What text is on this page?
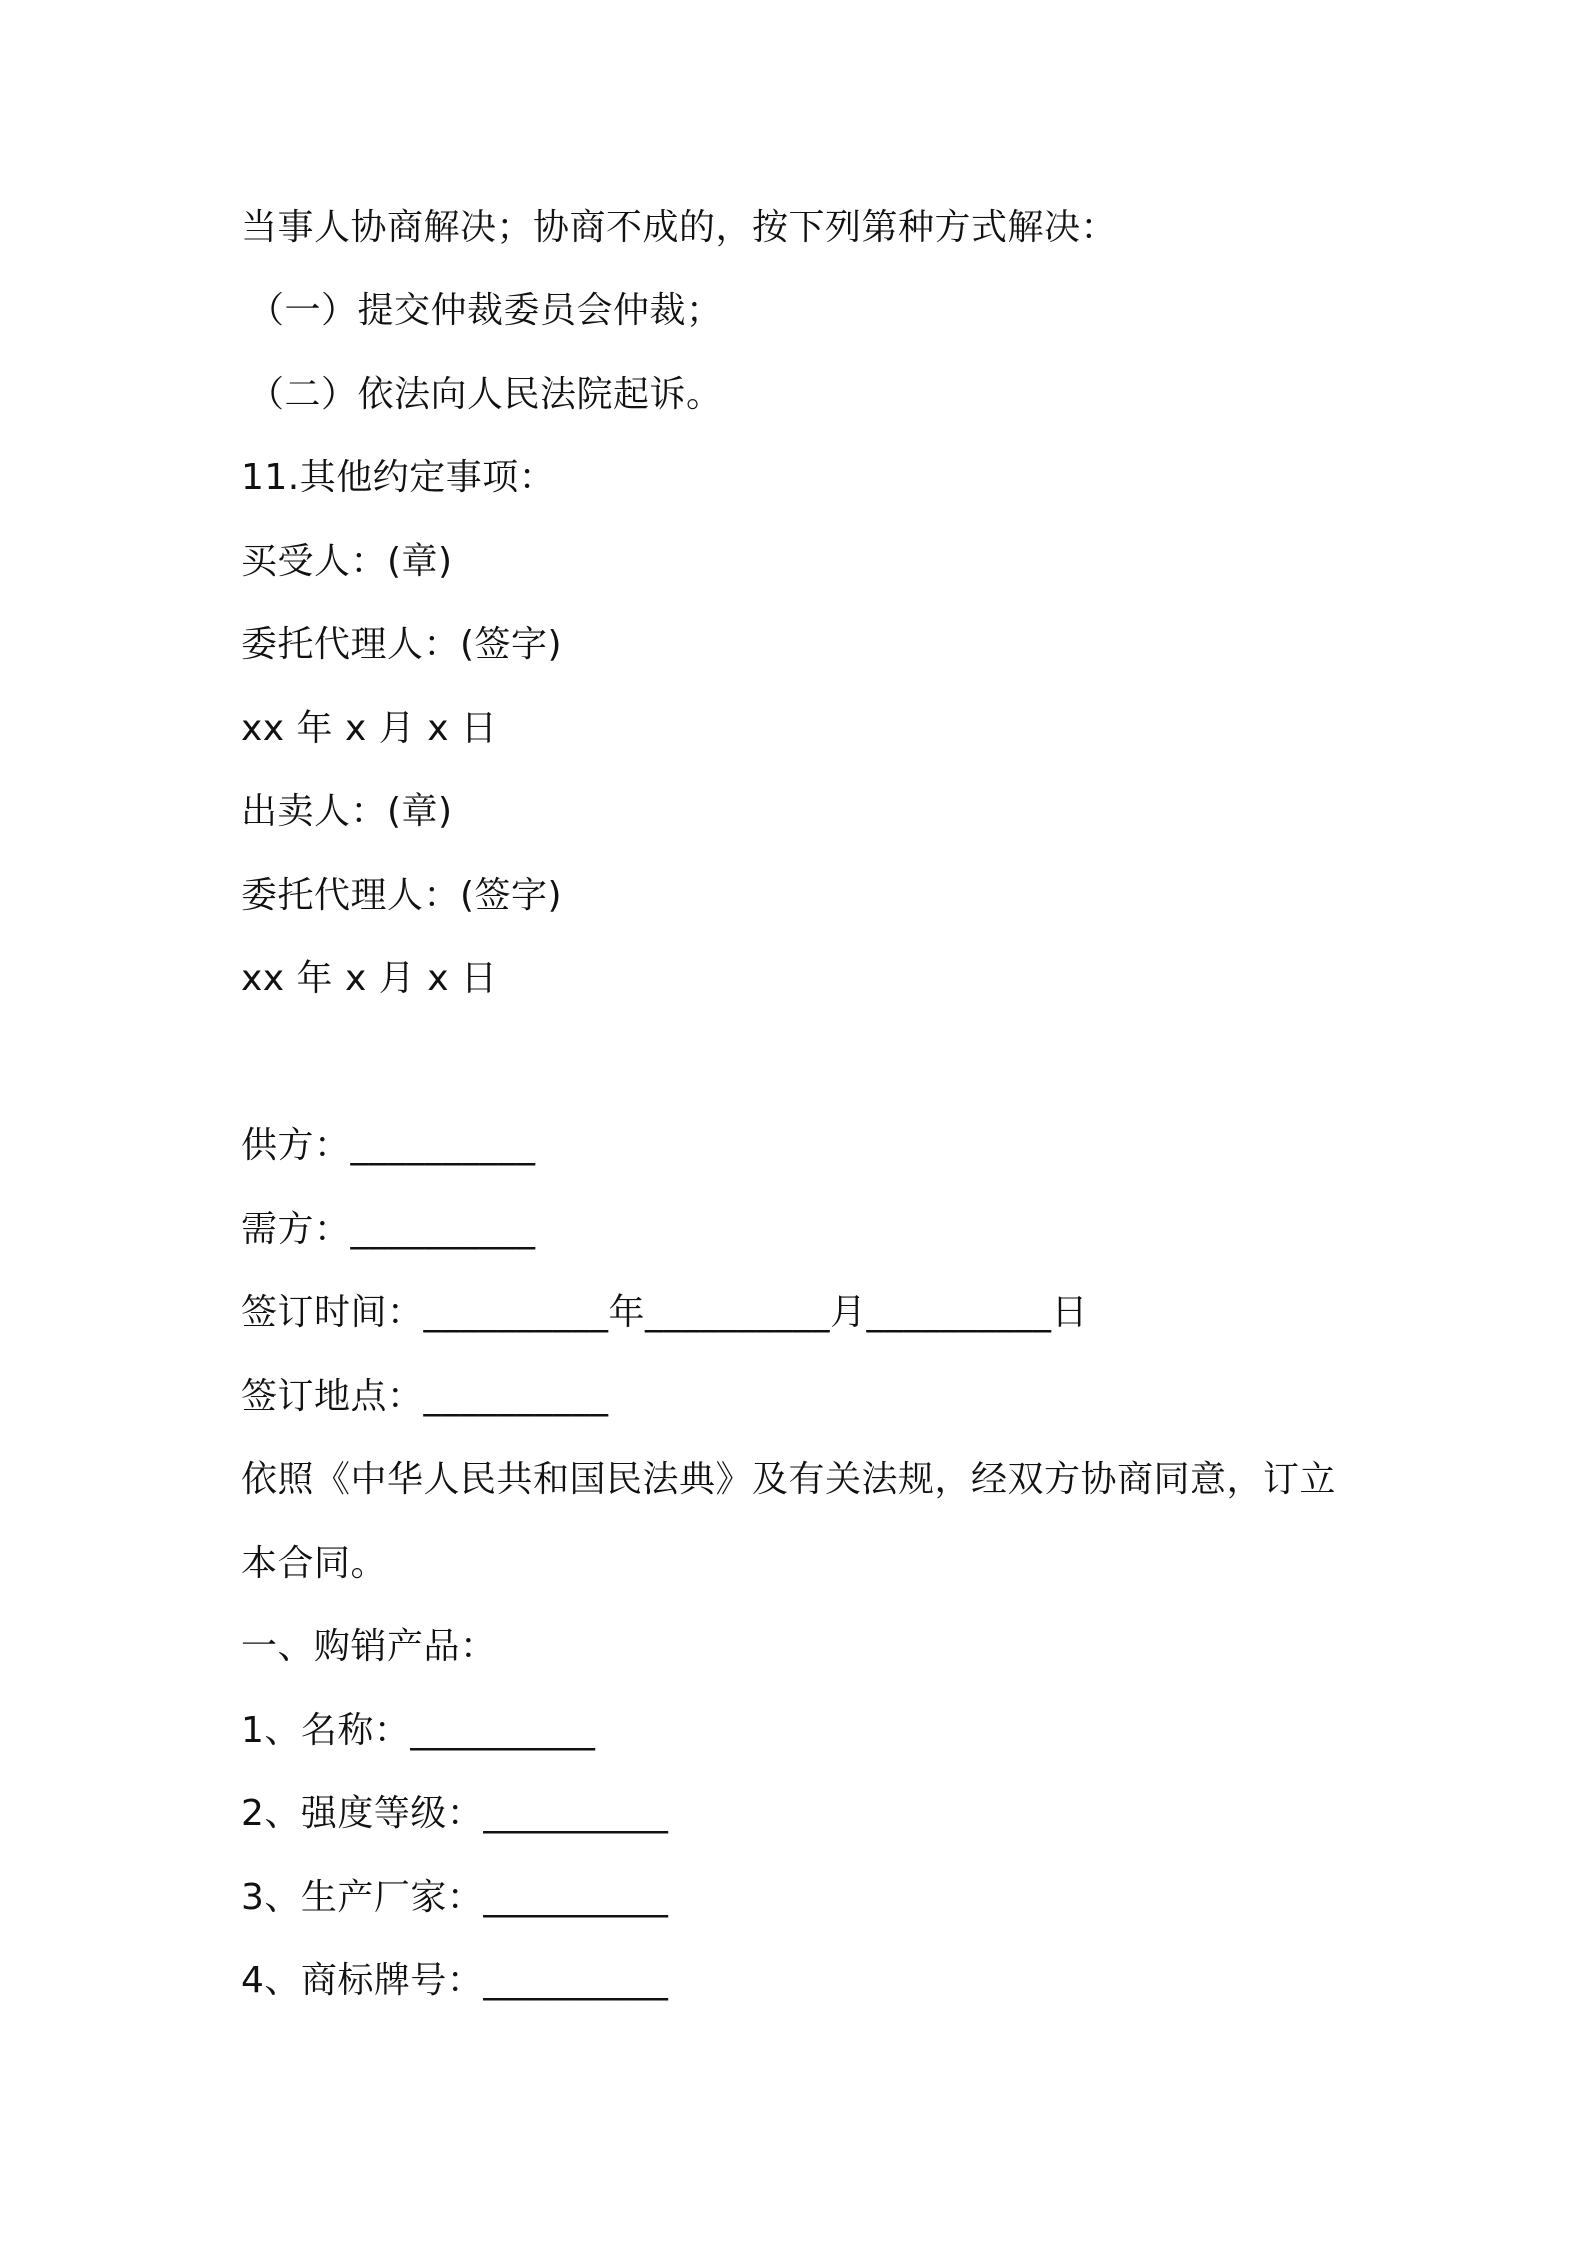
当事人协商解决；协商不成的，按下列第种方式解决：
（一）提交仲裁委员会仲裁；
（二）依法向人民法院起诉。
11.其他约定事项：
买受人：(章)
委托代理人：(签字)
xx 年 x 月 x 日
出卖人：(章)
委托代理人：(签字)
xx 年 x 月 x 日
供方：__________
需方：__________
签订时间：__________年__________月__________日
签订地点：__________
依照《中华人民共和国民法典》及有关法规，经双方协商同意，订立
本合同。
一、购销产品：
1、名称：__________
2、强度等级：__________
3、生产厂家：__________
4、商标牌号：__________
